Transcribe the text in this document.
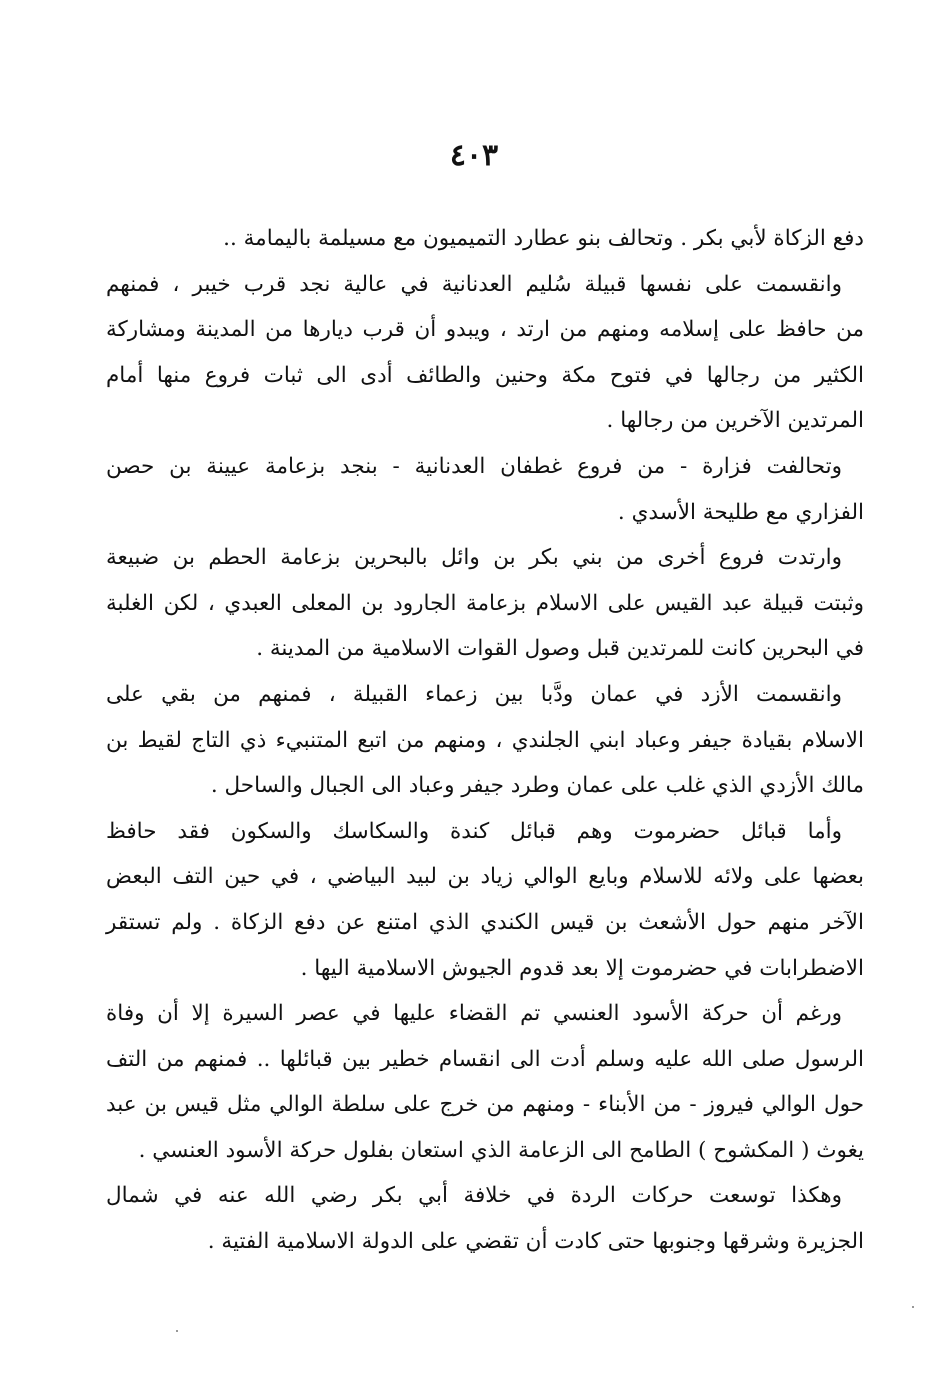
٤٠٣
دفع الزكاة لأبي بكر . وتحالف بنو عطارد التميميون مع مسيلمة باليمامة ..
وانقسمت على نفسها قبيلة سُليم العدنانية في عالية نجد قرب خيبر ، فمنهم
من حافظ على إسلامه ومنهم من ارتد ، ويبدو أن قرب ديارها من المدينة ومشاركة
الكثير من رجالها في فتوح مكة وحنين والطائف أدى الى ثبات فروع منها أمام
المرتدين الآخرين من رجالها .
وتحالفت فزارة - من فروع غطفان العدنانية - بنجد بزعامة عيينة بن حصن
الفزاري مع طليحة الأسدي .
وارتدت فروع أخرى من بني بكر بن وائل بالبحرين بزعامة الحطم بن ضبيعة
وثبتت قبيلة عبد القيس على الاسلام بزعامة الجارود بن المعلى العبدي ، لكن الغلبة
في البحرين كانت للمرتدين قبل وصول القوات الاسلامية من المدينة .
وانقسمت الأزد في عمان ودَّبا بين زعماء القبيلة ، فمنهم من بقي على
الاسلام بقيادة جيفر وعباد ابني الجلندي ، ومنهم من اتبع المتنبيء ذي التاج لقيط بن
مالك الأزدي الذي غلب على عمان وطرد جيفر وعباد الى الجبال والساحل .
وأما قبائل حضرموت وهم قبائل كندة والسكاسك والسكون فقد حافظ
بعضها على ولائه للاسلام وبايع الوالي زياد بن لبيد البياضي ، في حين التف البعض
الآخر منهم حول الأشعث بن قيس الكندي الذي امتنع عن دفع الزكاة . ولم تستقر
الاضطرابات في حضرموت إلا بعد قدوم الجيوش الاسلامية اليها .
ورغم أن حركة الأسود العنسي تم القضاء عليها في عصر السيرة إلا أن وفاة
الرسول صلى الله عليه وسلم أدت الى انقسام خطير بين قبائلها .. فمنهم من التف
حول الوالي فيروز - من الأبناء - ومنهم من خرج على سلطة الوالي مثل قيس بن عبد
يغوث ( المكشوح ) الطامح الى الزعامة الذي استعان بفلول حركة الأسود العنسي .
وهكذا توسعت حركات الردة في خلافة أبي بكر رضي الله عنه في شمال
الجزيرة وشرقها وجنوبها حتى كادت أن تقضي على الدولة الاسلامية الفتية .
